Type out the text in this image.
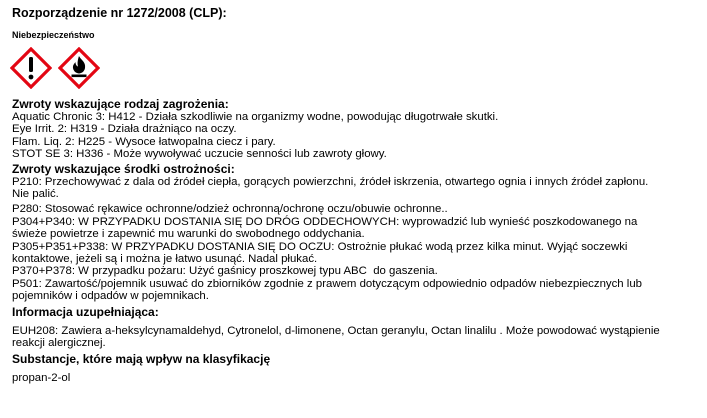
Rozporządzenie nr 1272/2008 (CLP):
Niebezpieczeństwo
Zwroty wskazujące rodzaj zagrożenia:
Aquatic Chronic 3: H412 - Działa szkodliwie na organizmy wodne, powodując długotrwałe skutki.
Eye Irrit. 2: H319 - Działa drażniąco na oczy.
Flam. Liq. 2: H225 - Wysoce łatwopalna ciecz i pary.
STOT SE 3: H336 - Może wywoływać uczucie senności lub zawroty głowy.
Zwroty wskazujące środki ostrożności:
P210: Przechowywać z dala od źródeł ciepła, gorących powierzchni, źródeł iskrzenia, otwartego ognia i innych źródeł zapłonu.
Nie palić.
P280: Stosować rękawice ochronne/odzież ochronną/ochronę oczu/obuwie ochronne..
P304+P340: W PRZYPADKU DOSTANIA SIĘ DO DRÓG ODDECHOWYCH: wyprowadzić lub wynieść poszkodowanego na
świeże powietrze i zapewnić mu warunki do swobodnego oddychania.
P305+P351+P338: W PRZYPADKU DOSTANIA SIĘ DO OCZU: Ostrożnie płukać wodą przez kilka minut. Wyjąć soczewki
kontaktowe, jeżeli są i można je łatwo usunąć. Nadal płukać.
P370+P378: W przypadku pożaru: Użyć gaśnicy proszkowej typu ABC  do gaszenia.
P501: Zawartość/pojemnik usuwać do zbiorników zgodnie z prawem dotyczącym odpowiednio odpadów niebezpiecznych lub
pojemników i odpadów w pojemnikach.
Informacja uzupełniająca:
EUH208: Zawiera a-heksylcynamaldehyd, Cytronelol, d-limonene, Octan geranylu, Octan linalilu . Może powodować wystąpienie
reakcji alergicznej.
Substancje, które mają wpływ na klasyfikację
propan-2-ol
